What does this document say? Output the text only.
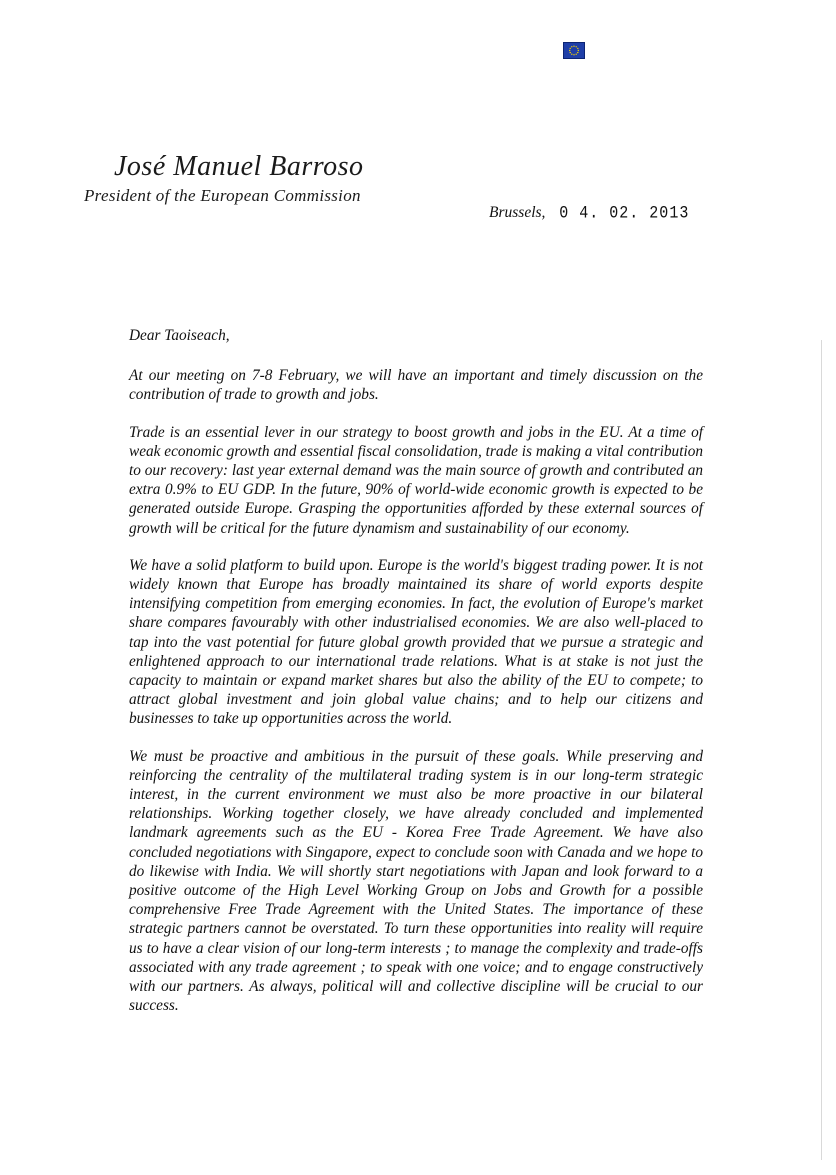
José Manuel Barroso
President of the European Commission
Brussels, 0 4. 02. 2013
Dear Taoiseach,

At our meeting on 7-8 February, we will have an important and timely discussion on the contribution of trade to growth and jobs.

Trade is an essential lever in our strategy to boost growth and jobs in the EU. At a time of weak economic growth and essential fiscal consolidation, trade is making a vital contribution to our recovery: last year external demand was the main source of growth and contributed an extra 0.9% to EU GDP. In the future, 90% of world-wide economic growth is expected to be generated outside Europe. Grasping the opportunities afforded by these external sources of growth will be critical for the future dynamism and sustainability of our economy.

We have a solid platform to build upon. Europe is the world's biggest trading power. It is not widely known that Europe has broadly maintained its share of world exports despite intensifying competition from emerging economies. In fact, the evolution of Europe's market share compares favourably with other industrialised economies. We are also well-placed to tap into the vast potential for future global growth provided that we pursue a strategic and enlightened approach to our international trade relations. What is at stake is not just the capacity to maintain or expand market shares but also the ability of the EU to compete; to attract global investment and join global value chains; and to help our citizens and businesses to take up opportunities across the world.

We must be proactive and ambitious in the pursuit of these goals. While preserving and reinforcing the centrality of the multilateral trading system is in our long-term strategic interest, in the current environment we must also be more proactive in our bilateral relationships. Working together closely, we have already concluded and implemented landmark agreements such as the EU - Korea Free Trade Agreement. We have also concluded negotiations with Singapore, expect to conclude soon with Canada and we hope to do likewise with India. We will shortly start negotiations with Japan and look forward to a positive outcome of the High Level Working Group on Jobs and Growth for a possible comprehensive Free Trade Agreement with the United States. The importance of these strategic partners cannot be overstated. To turn these opportunities into reality will require us to have a clear vision of our long-term interests ; to manage the complexity and trade-offs associated with any trade agreement ; to speak with one voice; and to engage constructively with our partners. As always, political will and collective discipline will be crucial to our success.
